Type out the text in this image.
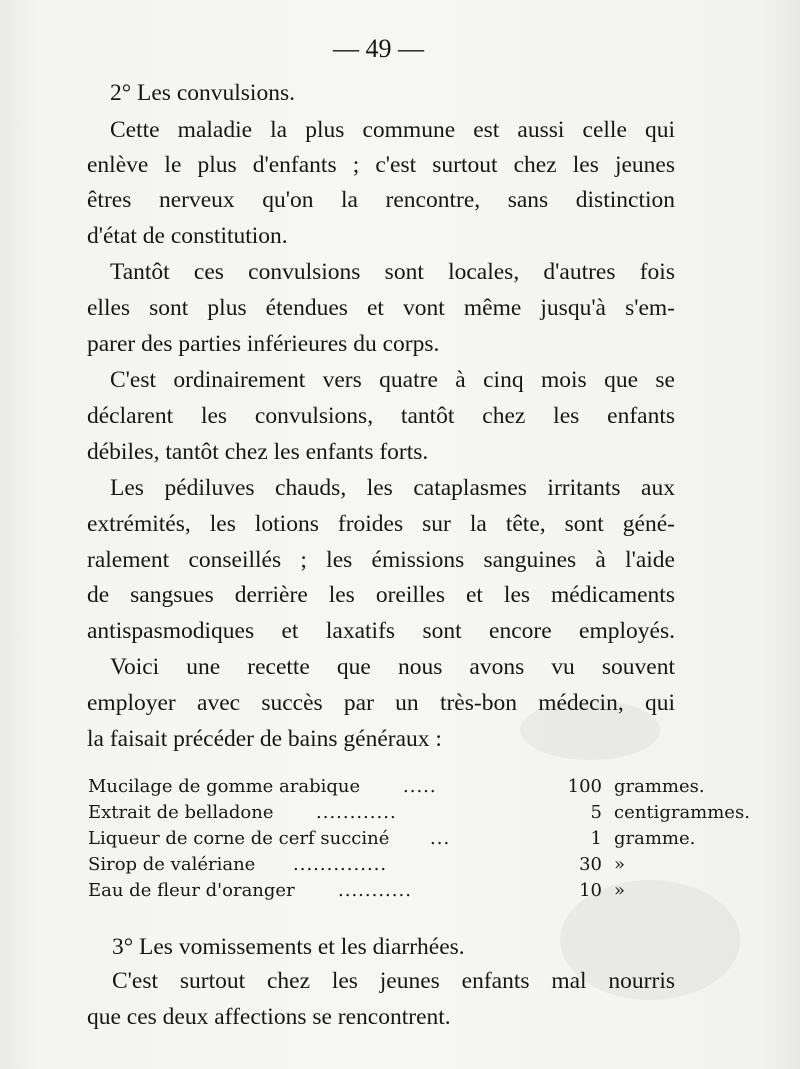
— 49 —
2° Les convulsions.
Cette maladie la plus commune est aussi celle qui
enlève le plus d'enfants ; c'est surtout chez les jeunes
êtres nerveux qu'on la rencontre, sans distinction
d'état de constitution.
Tantôt ces convulsions sont locales, d'autres fois
elles sont plus étendues et vont même jusqu'à s'em-
parer des parties inférieures du corps.
C'est ordinairement vers quatre à cinq mois que se
déclarent les convulsions, tantôt chez les enfants
débiles, tantôt chez les enfants forts.
Les pédiluves chauds, les cataplasmes irritants aux
extrémités, les lotions froides sur la tête, sont géné-
ralement conseillés ; les émissions sanguines à l'aide
de sangsues derrière les oreilles et les médicaments
antispasmodiques et laxatifs sont encore employés.
Voici une recette que nous avons vu souvent
employer avec succès par un très-bon médecin, qui
la faisait précéder de bains généraux :
Mucilage de gomme arabique .....	100 grammes.
Extrait de belladone ............	5 centigrammes.
Liqueur de corne de cerf succiné ...	1 gramme.
Sirop de valériane ..............	30 »
Eau de fleur d'oranger ...........	10 »
3° Les vomissements et les diarrhées.
C'est surtout chez les jeunes enfants mal nourris
que ces deux affections se rencontrent.
